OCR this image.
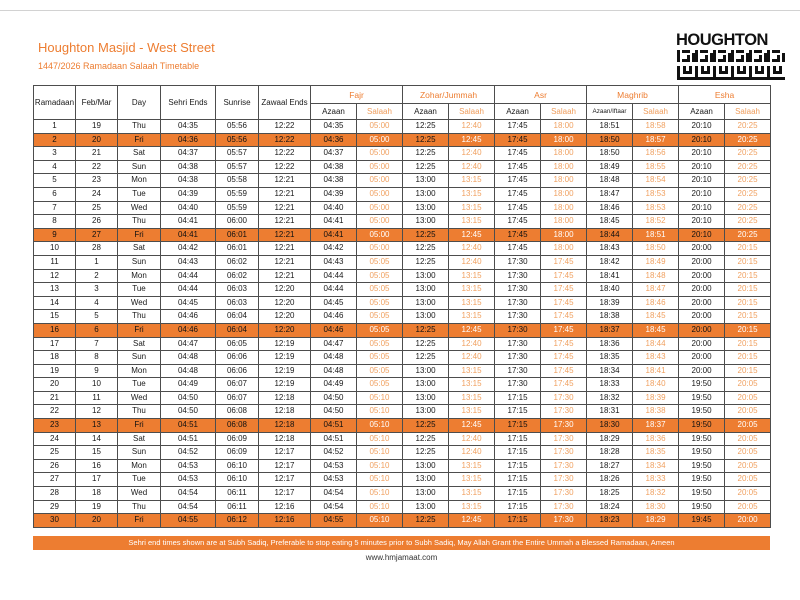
Houghton Masjid - West Street
1447/2026 Ramadaan Salaah Timetable
HOUGHTON
Ramadaan	Feb/Mar	Day	Sehri Ends	Sunrise	Zawaal Ends	Fajr		Zohar/Jummah		Asr		Maghrib		Esha	
						Azaan	Salaah	Azaan	Salaah	Azaan	Salaah	Azaan/Iftaar	Salaah	Azaan	Salaah
1	19	Thu	04:35	05:56	12:22	04:35	05:00	12:25	12:40	17:45	18:00	18:51	18:58	20:10	20:25
2	20	Fri	04:36	05:56	12:22	04:36	05:00	12:25	12:45	17:45	18:00	18:50	18:57	20:10	20:25
3	21	Sat	04:37	05:57	12:22	04:37	05:00	12:25	12:40	17:45	18:00	18:50	18:56	20:10	20:25
4	22	Sun	04:38	05:57	12:22	04:38	05:00	12:25	12:40	17:45	18:00	18:49	18:55	20:10	20:25
5	23	Mon	04:38	05:58	12:21	04:38	05:00	13:00	13:15	17:45	18:00	18:48	18:54	20:10	20:25
6	24	Tue	04:39	05:59	12:21	04:39	05:00	13:00	13:15	17:45	18:00	18:47	18:53	20:10	20:25
7	25	Wed	04:40	05:59	12:21	04:40	05:00	13:00	13:15	17:45	18:00	18:46	18:53	20:10	20:25
8	26	Thu	04:41	06:00	12:21	04:41	05:00	13:00	13:15	17:45	18:00	18:45	18:52	20:10	20:25
9	27	Fri	04:41	06:01	12:21	04:41	05:00	12:25	12:45	17:45	18:00	18:44	18:51	20:10	20:25
10	28	Sat	04:42	06:01	12:21	04:42	05:00	12:25	12:40	17:45	18:00	18:43	18:50	20:00	20:15
11	1	Sun	04:43	06:02	12:21	04:43	05:05	12:25	12:40	17:30	17:45	18:42	18:49	20:00	20:15
12	2	Mon	04:44	06:02	12:21	04:44	05:05	13:00	13:15	17:30	17:45	18:41	18:48	20:00	20:15
13	3	Tue	04:44	06:03	12:20	04:44	05:05	13:00	13:15	17:30	17:45	18:40	18:47	20:00	20:15
14	4	Wed	04:45	06:03	12:20	04:45	05:05	13:00	13:15	17:30	17:45	18:39	18:46	20:00	20:15
15	5	Thu	04:46	06:04	12:20	04:46	05:05	13:00	13:15	17:30	17:45	18:38	18:45	20:00	20:15
16	6	Fri	04:46	06:04	12:20	04:46	05:05	12:25	12:45	17:30	17:45	18:37	18:45	20:00	20:15
17	7	Sat	04:47	06:05	12:19	04:47	05:05	12:25	12:40	17:30	17:45	18:36	18:44	20:00	20:15
18	8	Sun	04:48	06:06	12:19	04:48	05:05	12:25	12:40	17:30	17:45	18:35	18:43	20:00	20:15
19	9	Mon	04:48	06:06	12:19	04:48	05:05	13:00	13:15	17:30	17:45	18:34	18:41	20:00	20:15
20	10	Tue	04:49	06:07	12:19	04:49	05:05	13:00	13:15	17:30	17:45	18:33	18:40	19:50	20:05
21	11	Wed	04:50	06:07	12:18	04:50	05:10	13:00	13:15	17:15	17:30	18:32	18:39	19:50	20:05
22	12	Thu	04:50	06:08	12:18	04:50	05:10	13:00	13:15	17:15	17:30	18:31	18:38	19:50	20:05
23	13	Fri	04:51	06:08	12:18	04:51	05:10	12:25	12:45	17:15	17:30	18:30	18:37	19:50	20:05
24	14	Sat	04:51	06:09	12:18	04:51	05:10	12:25	12:40	17:15	17:30	18:29	18:36	19:50	20:05
25	15	Sun	04:52	06:09	12:17	04:52	05:10	12:25	12:40	17:15	17:30	18:28	18:35	19:50	20:05
26	16	Mon	04:53	06:10	12:17	04:53	05:10	13:00	13:15	17:15	17:30	18:27	18:34	19:50	20:05
27	17	Tue	04:53	06:10	12:17	04:53	05:10	13:00	13:15	17:15	17:30	18:26	18:33	19:50	20:05
28	18	Wed	04:54	06:11	12:17	04:54	05:10	13:00	13:15	17:15	17:30	18:25	18:32	19:50	20:05
29	19	Thu	04:54	06:11	12:16	04:54	05:10	13:00	13:15	17:15	17:30	18:24	18:30	19:50	20:05
30	20	Fri	04:55	06:12	12:16	04:55	05:10	12:25	12:45	17:15	17:30	18:23	18:29	19:45	20:00
Sehri end times shown are at Subh Sadiq, Preferable to stop eating 5 minutes prior to Subh Sadiq, May Allah Grant the Entire Ummah a Blessed Ramadaan, Ameen
www.hmjamaat.com
